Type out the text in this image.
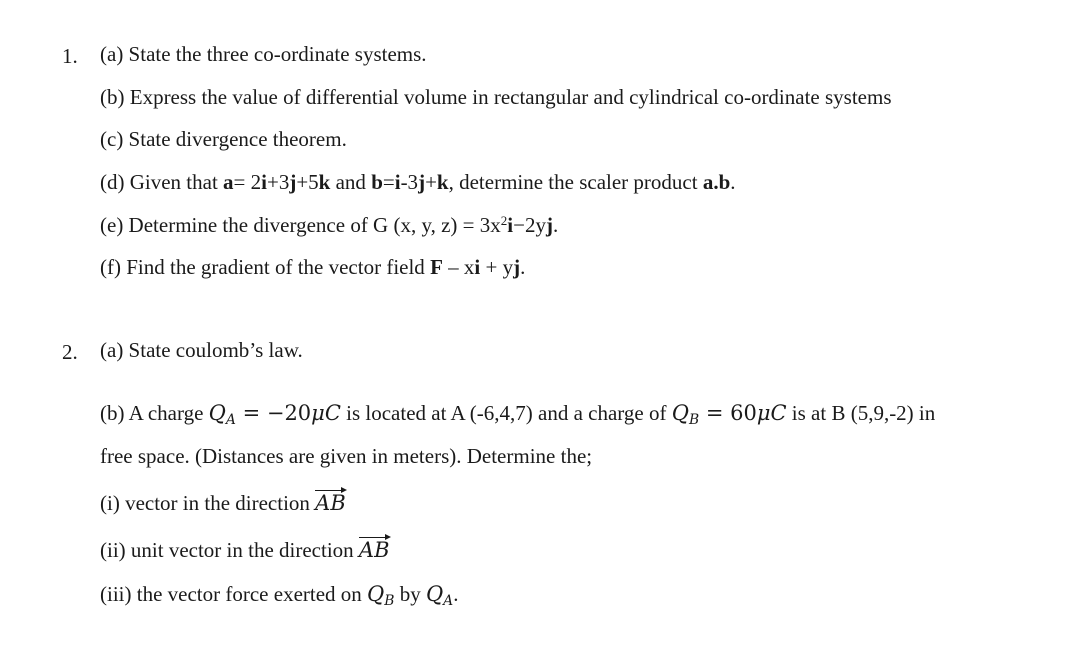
1. (a) State the three co-ordinate systems.
(b) Express the value of differential volume in rectangular and cylindrical co-ordinate systems
(c) State divergence theorem.
(d) Given that a= 2i+3j+5k and b=i-3j+k, determine the scaler product a.b.
(e) Determine the divergence of G (x, y, $z) = 3x^2i-2yj$.
(f) Find the gradient of the vector field F – xi + yj.
2. (a) State coulomb’s law.
(b) A charge $Q_A = -20\mu C$ is located at A (-6,4,7) and a charge of $Q_B = 60\mu C$ is at B (5,9,-2) in
free space. (Distances are given in meters). Determine the;
(i) vector in the direction AB
(ii) unit vector in the direction AB
(iii) the vector force exerted on $Q_B$ by $Q_A$.
